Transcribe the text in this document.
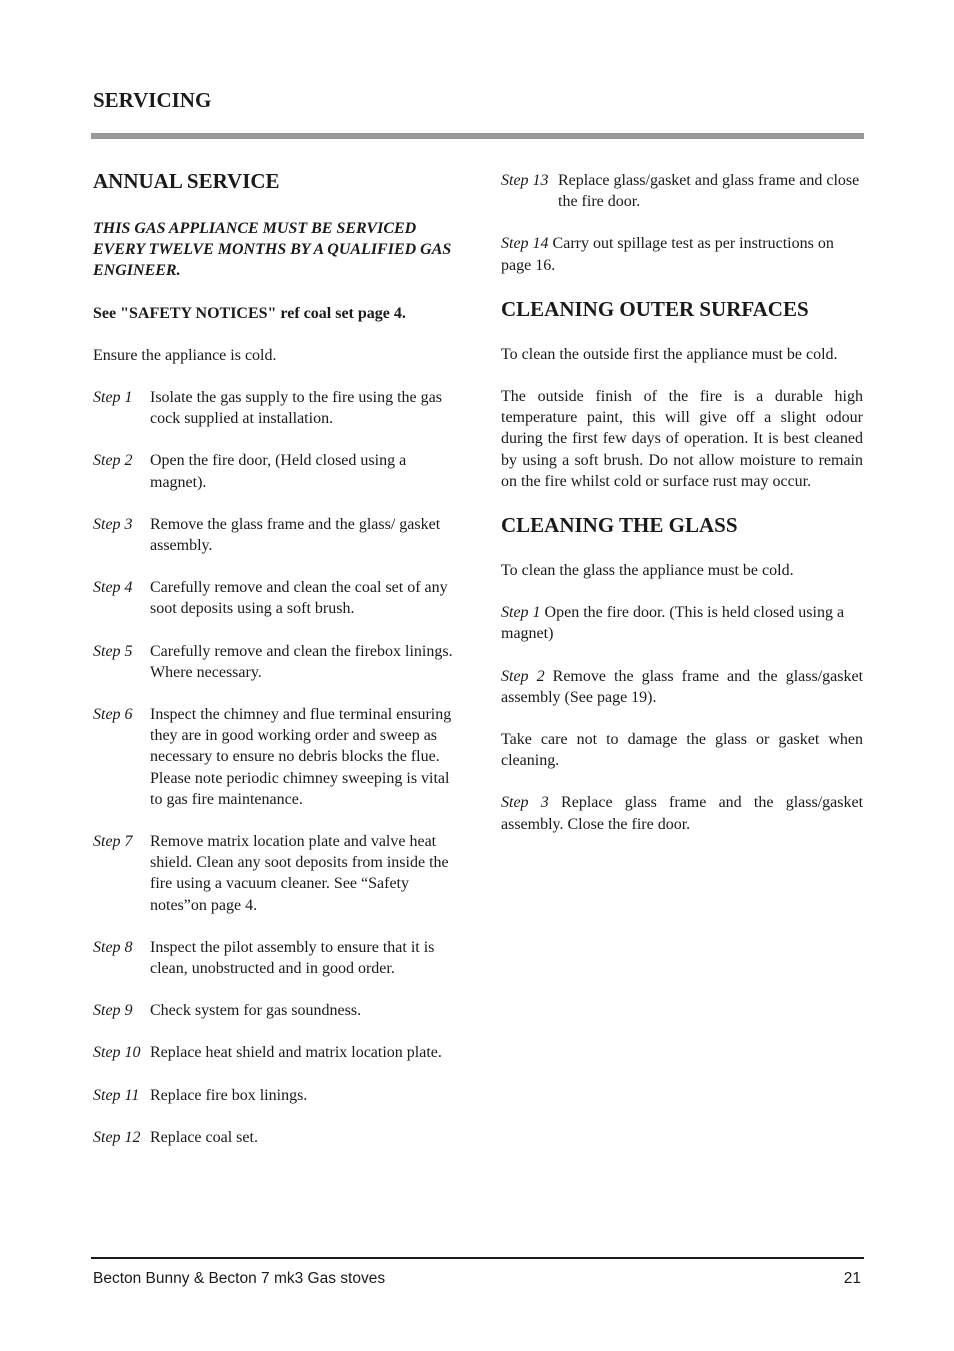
SERVICING
ANNUAL SERVICE

THIS GAS APPLIANCE MUST BE SERVICED EVERY TWELVE MONTHS BY A QUALIFIED GAS ENGINEER.

See "SAFETY NOTICES" ref coal set page 4.

Ensure the appliance is cold.

Step 1 Isolate the gas supply to the fire using the gas cock supplied at installation.
Step 2 Open the fire door, (Held closed using a magnet).
Step 3 Remove the glass frame and the glass/ gasket assembly.
Step 4 Carefully remove and clean the coal set of any soot deposits using a soft brush.
Step 5 Carefully remove and clean the firebox linings. Where necessary.
Step 6 Inspect the chimney and flue terminal ensuring they are in good working order and sweep as necessary to ensure no debris blocks the flue. Please note periodic chimney sweeping is vital to gas fire maintenance.
Step 7 Remove matrix location plate and valve heat shield. Clean any soot deposits from inside the fire using a vacuum cleaner. See “Safety notes”on page 4.
Step 8 Inspect the pilot assembly to ensure that it is clean, unobstructed and in good order.
Step 9 Check system for gas soundness.
Step 10 Replace heat shield and matrix location plate.
Step 11 Replace fire box linings.
Step 12 Replace coal set.
Step 13 Replace glass/gasket and glass frame and close the fire door.

Step 14 Carry out spillage test as per instructions on page 16.

CLEANING OUTER SURFACES

To clean the outside first the appliance must be cold.

The outside finish of the fire is a durable high temperature paint, this will give off a slight odour during the first few days of operation. It is best cleaned by using a soft brush. Do not allow moisture to remain on the fire whilst cold or surface rust may occur.

CLEANING THE GLASS

To clean the glass the appliance must be cold.

Step 1 Open the fire door. (This is held closed using a magnet)

Step 2 Remove the glass frame and the glass/gasket assembly (See page 19).

Take care not to damage the glass or gasket when cleaning.

Step 3 Replace glass frame and the glass/gasket assembly. Close the fire door.

Becton Bunny & Becton 7 mk3 Gas stoves	21
